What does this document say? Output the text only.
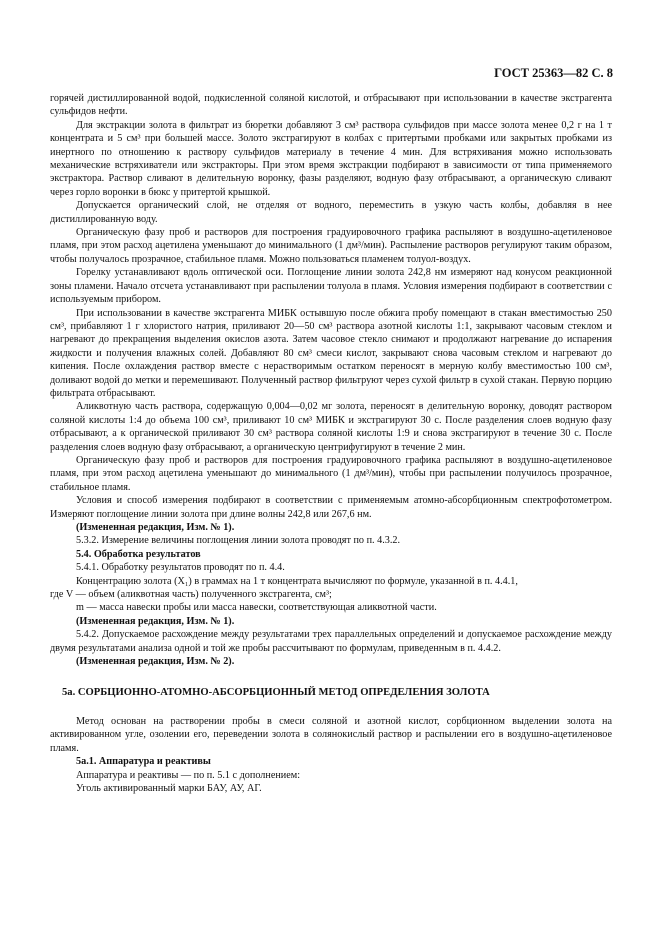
ГОСТ 25363—82 С. 8

горячей дистиллированной водой, подкисленной соляной кислотой, и отбрасывают при использовании в качестве экстрагента сульфидов нефти.

Для экстракции золота в фильтрат из бюретки добавляют 3 см³ раствора сульфидов при массе золота менее 0,2 г на 1 т концентрата и 5 см³ при большей массе. Золото экстрагируют в колбах с притертыми пробками или закрытых пробками из инертного по отношению к раствору сульфидов материалу в течение 4 мин. Для встряхивания можно использовать механические встряхиватели или экстракторы. При этом время экстракции подбирают в зависимости от типа применяемого экстрактора. Раствор сливают в делительную воронку, фазы разделяют, водную фазу отбрасывают, а органическую сливают через горло воронки в бюкс у притертой крышкой.

Допускается органический слой, не отделяя от водного, переместить в узкую часть колбы, добавляя в нее дистиллированную воду.

Органическую фазу проб и растворов для построения градуировочного графика распыляют в воздушно-ацетиленовое пламя, при этом расход ацетилена уменьшают до минимального (1 дм³/мин). Распыление растворов регулируют таким образом, чтобы получалось прозрачное, стабильное пламя. Можно пользоваться пламенем толуол-воздух.

Горелку устанавливают вдоль оптической оси. Поглощение линии золота 242,8 нм измеряют над конусом реакционной зоны пламени. Начало отсчета устанавливают при распылении толуола в пламя. Условия измерения подбирают в соответствии с используемым прибором.

При использовании в качестве экстрагента МИБК остывшую после обжига пробу помещают в стакан вместимостью 250 см³, прибавляют 1 г хлористого натрия, приливают 20—50 см³ раствора азотной кислоты 1:1, закрывают часовым стеклом и нагревают до прекращения выделения окислов азота. Затем часовое стекло снимают и продолжают нагревание до испарения жидкости и получения влажных солей. Добавляют 80 см³ смеси кислот, закрывают снова часовым стеклом и нагревают до кипения. После охлаждения раствор вместе с нерастворимым остатком переносят в мерную колбу вместимостью 100 см³, доливают водой до метки и перемешивают. Полученный раствор фильтруют через сухой фильтр в сухой стакан. Первую порцию фильтрата отбрасывают.

Аликвотную часть раствора, содержащую 0,004—0,02 мг золота, переносят в делительную воронку, доводят раствором соляной кислоты 1:4 до объема 100 см³, приливают 10 см³ МИБК и экстрагируют 30 с. После разделения слоев водную фазу отбрасывают, а к органической приливают 30 см³ раствора соляной кислоты 1:9 и снова экстрагируют в течение 30 с. После разделения слоев водную фазу отбрасывают, а органическую центрифугируют в течение 2 мин.

Органическую фазу проб и растворов для построения градуировочного графика распыляют в воздушно-ацетиленовое пламя, при этом расход ацетилена уменьшают до минимального (1 дм³/мин), чтобы при распылении получилось прозрачное, стабильное пламя.

Условия и способ измерения подбирают в соответствии с применяемым атомно-абсорбционным спектрофотометром. Измеряют поглощение линии золота при длине волны 242,8 или 267,6 нм.

(Измененная редакция, Изм. № 1).

5.3.2. Измерение величины поглощения линии золота проводят по п. 4.3.2.

5.4. Обработка результатов

5.4.1. Обработку результатов проводят по п. 4.4.

Концентрацию золота (X₁) в граммах на 1 т концентрата вычисляют по формуле, указанной в п. 4.4.1,

где V — объем (аликвотная часть) полученного экстрагента, см³;

m — масса навески пробы или масса навески, соответствующая аликвотной части.

(Измененная редакция, Изм. № 1).

5.4.2. Допускаемое расхождение между результатами трех параллельных определений и допускаемое расхождение между двумя результатами анализа одной и той же пробы рассчитывают по формулам, приведенным в п. 4.4.2.

(Измененная редакция, Изм. № 2).

5а. СОРБЦИОННО-АТОМНО-АБСОРБЦИОННЫЙ МЕТОД ОПРЕДЕЛЕНИЯ ЗОЛОТА

Метод основан на растворении пробы в смеси соляной и азотной кислот, сорбционном выделении золота на активированном угле, озолении его, переведении золота в солянокислый раствор и распылении его в воздушно-ацетиленовое пламя.

5а.1. Аппаратура и реактивы

Аппаратура и реактивы — по п. 5.1 с дополнением:

Уголь активированный марки БАУ, АУ, АГ.
